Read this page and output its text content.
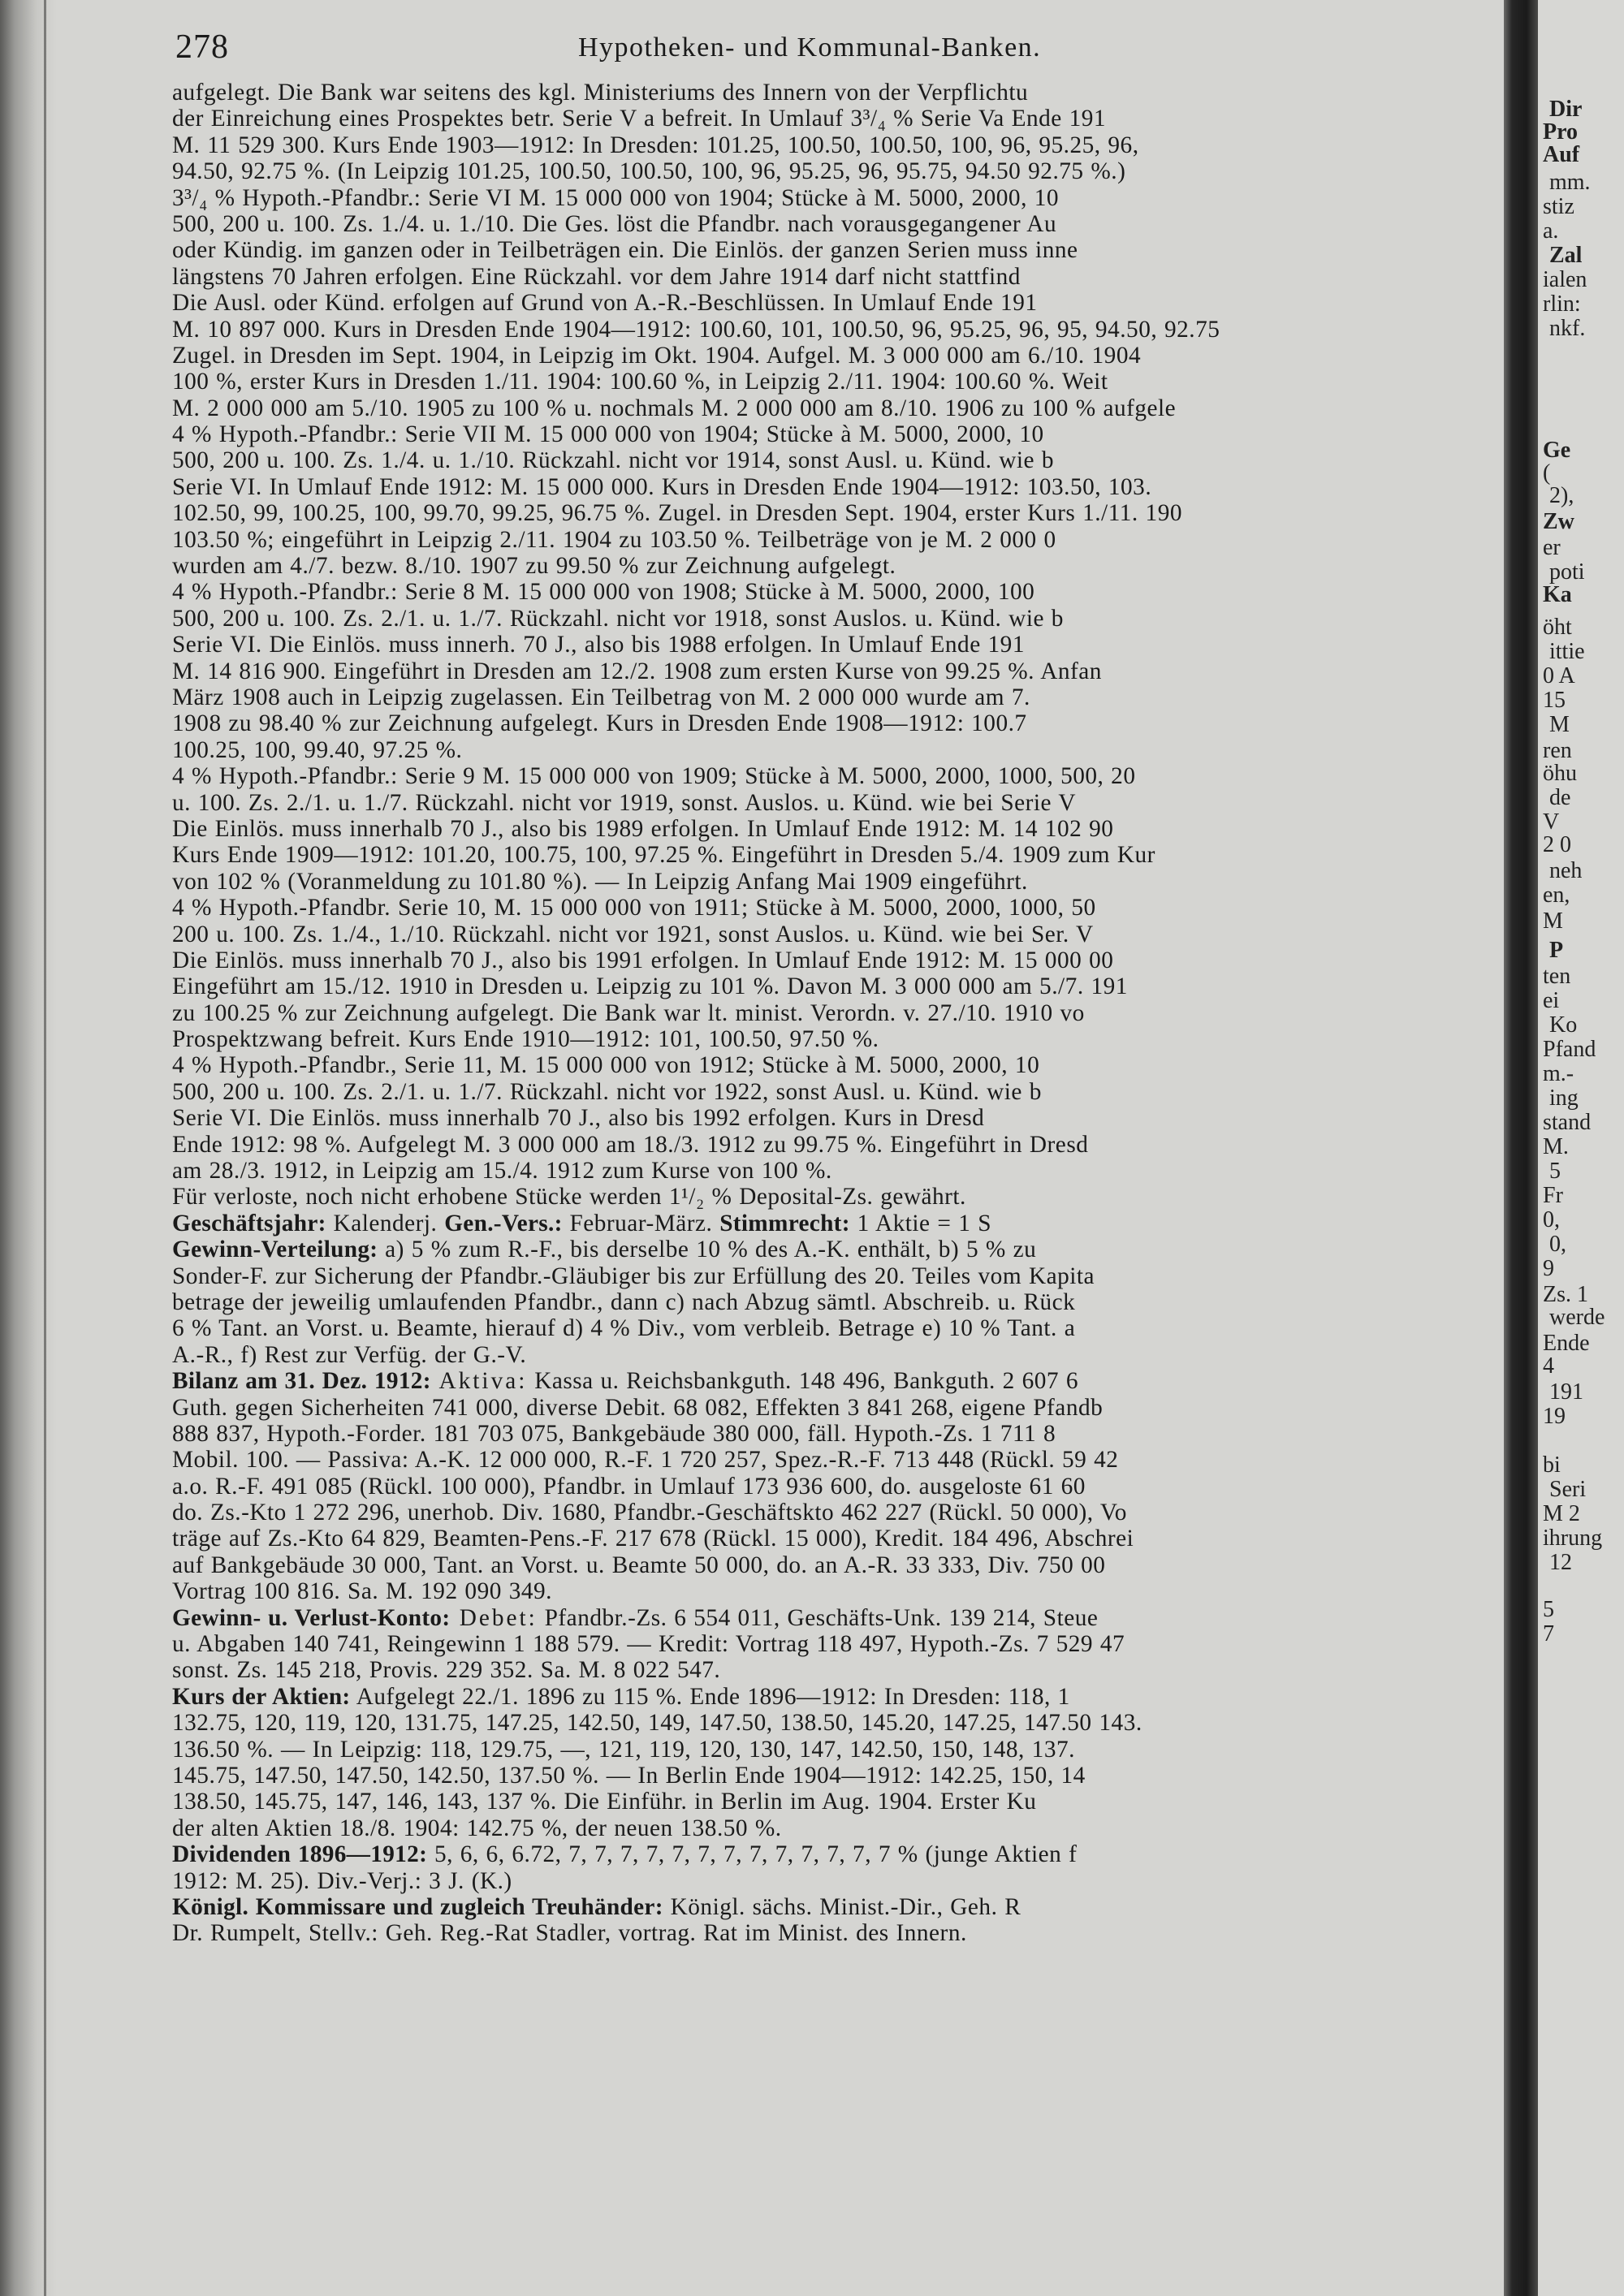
278	Hypotheken- und Kommunal-Banken.
aufgelegt. Die Bank war seitens des kgl. Ministeriums des Innern von der Verpflichtu
der Einreichung eines Prospektes betr. Serie V a befreit. In Umlauf 3³/₄ % Serie Va Ende 191
M. 11 529 300. Kurs Ende 1903—1912: In Dresden: 101.25, 100.50, 100.50, 100, 96, 95.25, 96,
94.50, 92.75 %. (In Leipzig 101.25, 100.50, 100.50, 100, 96, 95.25, 96, 95.75, 94.50 92.75 %.)
3³/₄ % Hypoth.-Pfandbr.: Serie VI M. 15 000 000 von 1904; Stücke à M. 5000, 2000, 10
500, 200 u. 100. Zs. 1./4. u. 1./10. Die Ges. löst die Pfandbr. nach vorausgegangener Au
oder Kündig. im ganzen oder in Teilbeträgen ein. Die Einlös. der ganzen Serien muss inne
längstens 70 Jahren erfolgen. Eine Rückzahl. vor dem Jahre 1914 darf nicht stattfind
Die Ausl. oder Künd. erfolgen auf Grund von A.-R.-Beschlüssen. In Umlauf Ende 191
M. 10 897 000. Kurs in Dresden Ende 1904—1912: 100.60, 101, 100.50, 96, 95.25, 96, 95, 94.50, 92.75
Zugel. in Dresden im Sept. 1904, in Leipzig im Okt. 1904. Aufgel. M. 3 000 000 am 6./10. 1904
100 %, erster Kurs in Dresden 1./11. 1904: 100.60 %, in Leipzig 2./11. 1904: 100.60 %. Weit
M. 2 000 000 am 5./10. 1905 zu 100 % u. nochmals M. 2 000 000 am 8./10. 1906 zu 100 % aufgele
4 % Hypoth.-Pfandbr.: Serie VII M. 15 000 000 von 1904; Stücke à M. 5000, 2000, 10
500, 200 u. 100. Zs. 1./4. u. 1./10. Rückzahl. nicht vor 1914, sonst Ausl. u. Künd. wie b
Serie VI. In Umlauf Ende 1912: M. 15 000 000. Kurs in Dresden Ende 1904—1912: 103.50, 103.
102.50, 99, 100.25, 100, 99.70, 99.25, 96.75 %. Zugel. in Dresden Sept. 1904, erster Kurs 1./11. 190
103.50 %; eingeführt in Leipzig 2./11. 1904 zu 103.50 %. Teilbeträge von je M. 2 000 0
wurden am 4./7. bezw. 8./10. 1907 zu 99.50 % zur Zeichnung aufgelegt.
4 % Hypoth.-Pfandbr.: Serie 8 M. 15 000 000 von 1908; Stücke à M. 5000, 2000, 100
500, 200 u. 100. Zs. 2./1. u. 1./7. Rückzahl. nicht vor 1918, sonst Auslos. u. Künd. wie b
Serie VI. Die Einlös. muss innerh. 70 J., also bis 1988 erfolgen. In Umlauf Ende 191
M. 14 816 900. Eingeführt in Dresden am 12./2. 1908 zum ersten Kurse von 99.25 %. Anfan
März 1908 auch in Leipzig zugelassen. Ein Teilbetrag von M. 2 000 000 wurde am 7.
1908 zu 98.40 % zur Zeichnung aufgelegt. Kurs in Dresden Ende 1908—1912: 100.7
100.25, 100, 99.40, 97.25 %.
4 % Hypoth.-Pfandbr.: Serie 9 M. 15 000 000 von 1909; Stücke à M. 5000, 2000, 1000, 500, 20
u. 100. Zs. 2./1. u. 1./7. Rückzahl. nicht vor 1919, sonst. Auslos. u. Künd. wie bei Serie V
Die Einlös. muss innerhalb 70 J., also bis 1989 erfolgen. In Umlauf Ende 1912: M. 14 102 90
Kurs Ende 1909—1912: 101.20, 100.75, 100, 97.25 %. Eingeführt in Dresden 5./4. 1909 zum Kur
von 102 % (Voranmeldung zu 101.80 %). — In Leipzig Anfang Mai 1909 eingeführt.
4 % Hypoth.-Pfandbr. Serie 10, M. 15 000 000 von 1911; Stücke à M. 5000, 2000, 1000, 50
200 u. 100. Zs. 1./4., 1./10. Rückzahl. nicht vor 1921, sonst Auslos. u. Künd. wie bei Ser. V
Die Einlös. muss innerhalb 70 J., also bis 1991 erfolgen. In Umlauf Ende 1912: M. 15 000 00
Eingeführt am 15./12. 1910 in Dresden u. Leipzig zu 101 %. Davon M. 3 000 000 am 5./7. 191
zu 100.25 % zur Zeichnung aufgelegt. Die Bank war lt. minist. Verordn. v. 27./10. 1910 vo
Prospektzwang befreit. Kurs Ende 1910—1912: 101, 100.50, 97.50 %.
4 % Hypoth.-Pfandbr., Serie 11, M. 15 000 000 von 1912; Stücke à M. 5000, 2000, 10
500, 200 u. 100. Zs. 2./1. u. 1./7. Rückzahl. nicht vor 1922, sonst Ausl. u. Künd. wie b
Serie VI. Die Einlös. muss innerhalb 70 J., also bis 1992 erfolgen. Kurs in Dresd
Ende 1912: 98 %. Aufgelegt M. 3 000 000 am 18./3. 1912 zu 99.75 %. Eingeführt in Dresd
am 28./3. 1912, in Leipzig am 15./4. 1912 zum Kurse von 100 %.
Für verloste, noch nicht erhobene Stücke werden 1¹/₂ % Deposital-Zs. gewährt.
Geschäftsjahr: Kalenderj. Gen.-Vers.: Februar-März. Stimmrecht: 1 Aktie = 1 S
Gewinn-Verteilung: a) 5 % zum R.-F., bis derselbe 10 % des A.-K. enthält, b) 5 % zu
Sonder-F. zur Sicherung der Pfandbr.-Gläubiger bis zur Erfüllung des 20. Teiles vom Kapita
betrage der jeweilig umlaufenden Pfandbr., dann c) nach Abzug sämtl. Abschreib. u. Rück
6 % Tant. an Vorst. u. Beamte, hierauf d) 4 % Div., vom verbleib. Betrage e) 10 % Tant. a
A.-R., f) Rest zur Verfüg. der G.-V.
Bilanz am 31. Dez. 1912: Aktiva: Kassa u. Reichsbankguth. 148 496, Bankguth. 2 607 6
Guth. gegen Sicherheiten 741 000, diverse Debit. 68 082, Effekten 3 841 268, eigene Pfandb
888 837, Hypoth.-Forder. 181 703 075, Bankgebäude 380 000, fäll. Hypoth.-Zs. 1 711 8
Mobil. 100. — Passiva: A.-K. 12 000 000, R.-F. 1 720 257, Spez.-R.-F. 713 448 (Rückl. 59 42
a.o. R.-F. 491 085 (Rückl. 100 000), Pfandbr. in Umlauf 173 936 600, do. ausgeloste 61 60
do. Zs.-Kto 1 272 296, unerhob. Div. 1680, Pfandbr.-Geschäftskto 462 227 (Rückl. 50 000), Vo
träge auf Zs.-Kto 64 829, Beamten-Pens.-F. 217 678 (Rückl. 15 000), Kredit. 184 496, Abschrei
auf Bankgebäude 30 000, Tant. an Vorst. u. Beamte 50 000, do. an A.-R. 33 333, Div. 750 00
Vortrag 100 816. Sa. M. 192 090 349.
Gewinn- u. Verlust-Konto: Debet: Pfandbr.-Zs. 6 554 011, Geschäfts-Unk. 139 214, Steue
u. Abgaben 140 741, Reingewinn 1 188 579. — Kredit: Vortrag 118 497, Hypoth.-Zs. 7 529 47
sonst. Zs. 145 218, Provis. 229 352. Sa. M. 8 022 547.
Kurs der Aktien: Aufgelegt 22./1. 1896 zu 115 %. Ende 1896—1912: In Dresden: 118, 1
132.75, 120, 119, 120, 131.75, 147.25, 142.50, 149, 147.50, 138.50, 145.20, 147.25, 147.50 143.
136.50 %. — In Leipzig: 118, 129.75, —, 121, 119, 120, 130, 147, 142.50, 150, 148, 137.
145.75, 147.50, 147.50, 142.50, 137.50 %. — In Berlin Ende 1904—1912: 142.25, 150, 14
138.50, 145.75, 147, 146, 143, 137 %. Die Einführ. in Berlin im Aug. 1904. Erster Ku
der alten Aktien 18./8. 1904: 142.75 %, der neuen 138.50 %.
Dividenden 1896—1912: 5, 6, 6, 6.72, 7, 7, 7, 7, 7, 7, 7, 7, 7, 7, 7, 7, 7 % (junge Aktien f
1912: M. 25). Div.-Verj.: 3 J. (K.)
Königl. Kommissare und zugleich Treuhänder: Königl. sächs. Minist.-Dir., Geh. R
Dr. Rumpelt, Stellv.: Geh. Reg.-Rat Stadler, vortrag. Rat im Minist. des Innern.
Dir
Pro
Auf
mm.
stiz
a.
Zal
ialen
rlin:
nkf.
Ge
(
2),
Zw
er
poti
Ka
öht
ittie
0 A
15
M
ren
öhu
de
V
2 0
neh
en,
M
P
ten
ei
Ko
Pfand
m.-
ing
stand
M.
5
Fr
0,
0,
9
Zs. 1
werde
Ende
4
191
19
bi
Seri
M 2
ihrung
12
5
7
